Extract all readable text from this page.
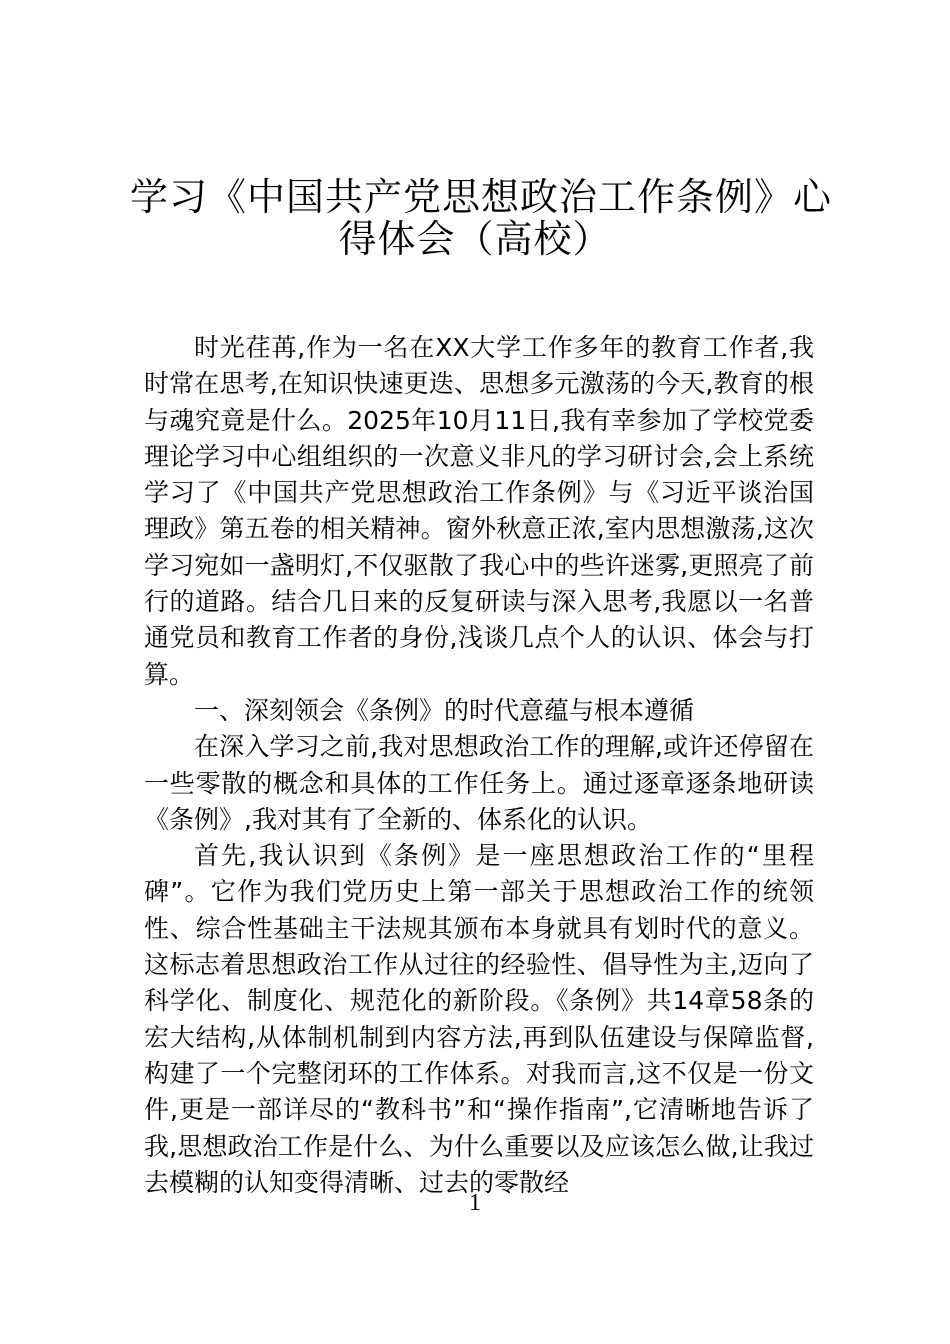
学习《中国共产党思想政治工作条例》心
得体会（高校）

时光荏苒,作为一名在XX大学工作多年的教育工作者,我时常在思考,在知识快速更迭、思想多元激荡的今天,教育的根与魂究竟是什么。2025年10月11日,我有幸参加了学校党委理论学习中心组组织的一次意义非凡的学习研讨会,会上系统学习了《中国共产党思想政治工作条例》与《习近平谈治国理政》第五卷的相关精神。窗外秋意正浓,室内思想激荡,这次学习宛如一盏明灯,不仅驱散了我心中的些许迷雾,更照亮了前行的道路。结合几日来的反复研读与深入思考,我愿以一名普通党员和教育工作者的身份,浅谈几点个人的认识、体会与打算。

一、深刻领会《条例》的时代意蕴与根本遵循

在深入学习之前,我对思想政治工作的理解,或许还停留在一些零散的概念和具体的工作任务上。通过逐章逐条地研读《条例》,我对其有了全新的、体系化的认识。

首先,我认识到《条例》是一座思想政治工作的“里程碑”。它作为我们党历史上第一部关于思想政治工作的统领性、综合性基础主干法规其颁布本身就具有划时代的意义。这标志着思想政治工作从过往的经验性、倡导性为主,迈向了科学化、制度化、规范化的新阶段。《条例》共14章58条的宏大结构,从体制机制到内容方法,再到队伍建设与保障监督,构建了一个完整闭环的工作体系。对我而言,这不仅是一份文件,更是一部详尽的“教科书”和“操作指南”,它清晰地告诉了我,思想政治工作是什么、为什么重要以及应该怎么做,让我过去模糊的认知变得清晰、过去的零散经

1
